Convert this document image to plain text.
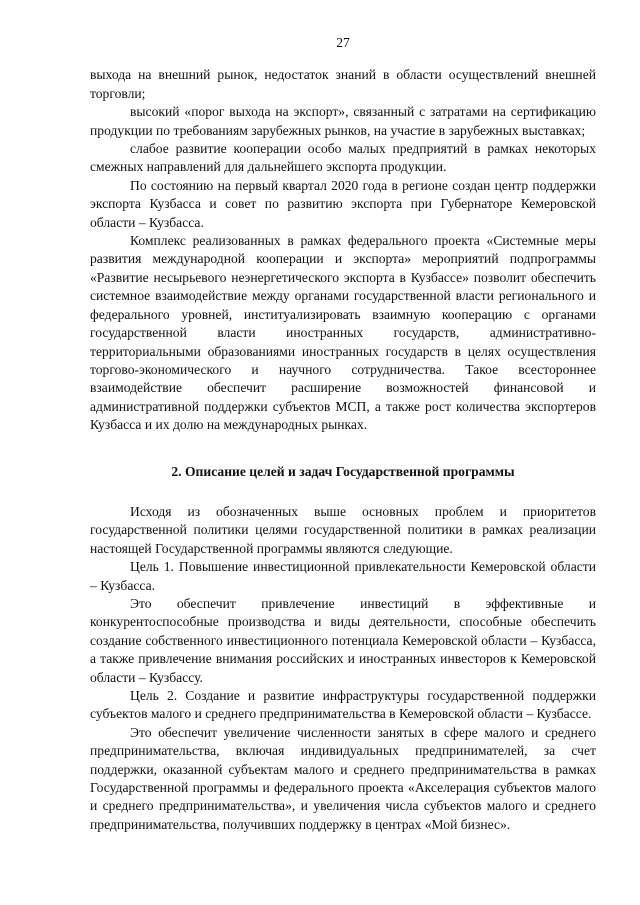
27

выхода на внешний рынок, недостаток знаний в области осуществлений внешней торговли;

высокий «порог выхода на экспорт», связанный с затратами на сертификацию продукции по требованиям зарубежных рынков, на участие в зарубежных выставках;

слабое развитие кооперации особо малых предприятий в рамках некоторых смежных направлений для дальнейшего экспорта продукции.

По состоянию на первый квартал 2020 года в регионе создан центр поддержки экспорта Кузбасса и совет по развитию экспорта при Губернаторе Кемеровской области – Кузбасса.

Комплекс реализованных в рамках федерального проекта «Системные меры развития международной кооперации и экспорта» мероприятий подпрограммы «Развитие несырьевого неэнергетического экспорта в Кузбассе» позволит обеспечить системное взаимодействие между органами государственной власти регионального и федерального уровней, институализировать взаимную кооперацию с органами государственной власти иностранных государств, административно-территориальными образованиями иностранных государств в целях осуществления торгово-экономического и научного сотрудничества. Такое всестороннее взаимодействие обеспечит расширение возможностей финансовой и административной поддержки субъектов МСП, а также рост количества экспортеров Кузбасса и их долю на международных рынках.

2. Описание целей и задач Государственной программы

Исходя из обозначенных выше основных проблем и приоритетов государственной политики целями государственной политики в рамках реализации настоящей Государственной программы являются следующие.

Цель 1. Повышение инвестиционной привлекательности Кемеровской области – Кузбасса.

Это обеспечит привлечение инвестиций в эффективные и конкурентоспособные производства и виды деятельности, способные обеспечить создание собственного инвестиционного потенциала Кемеровской области – Кузбасса, а также привлечение внимания российских и иностранных инвесторов к Кемеровской области – Кузбассу.

Цель 2. Создание и развитие инфраструктуры государственной поддержки субъектов малого и среднего предпринимательства в Кемеровской области – Кузбассе.

Это обеспечит увеличение численности занятых в сфере малого и среднего предпринимательства, включая индивидуальных предпринимателей, за счет поддержки, оказанной субъектам малого и среднего предпринимательства в рамках Государственной программы и федерального проекта «Акселерация субъектов малого и среднего предпринимательства», и увеличения числа субъектов малого и среднего предпринимательства, получивших поддержку в центрах «Мой бизнес».
